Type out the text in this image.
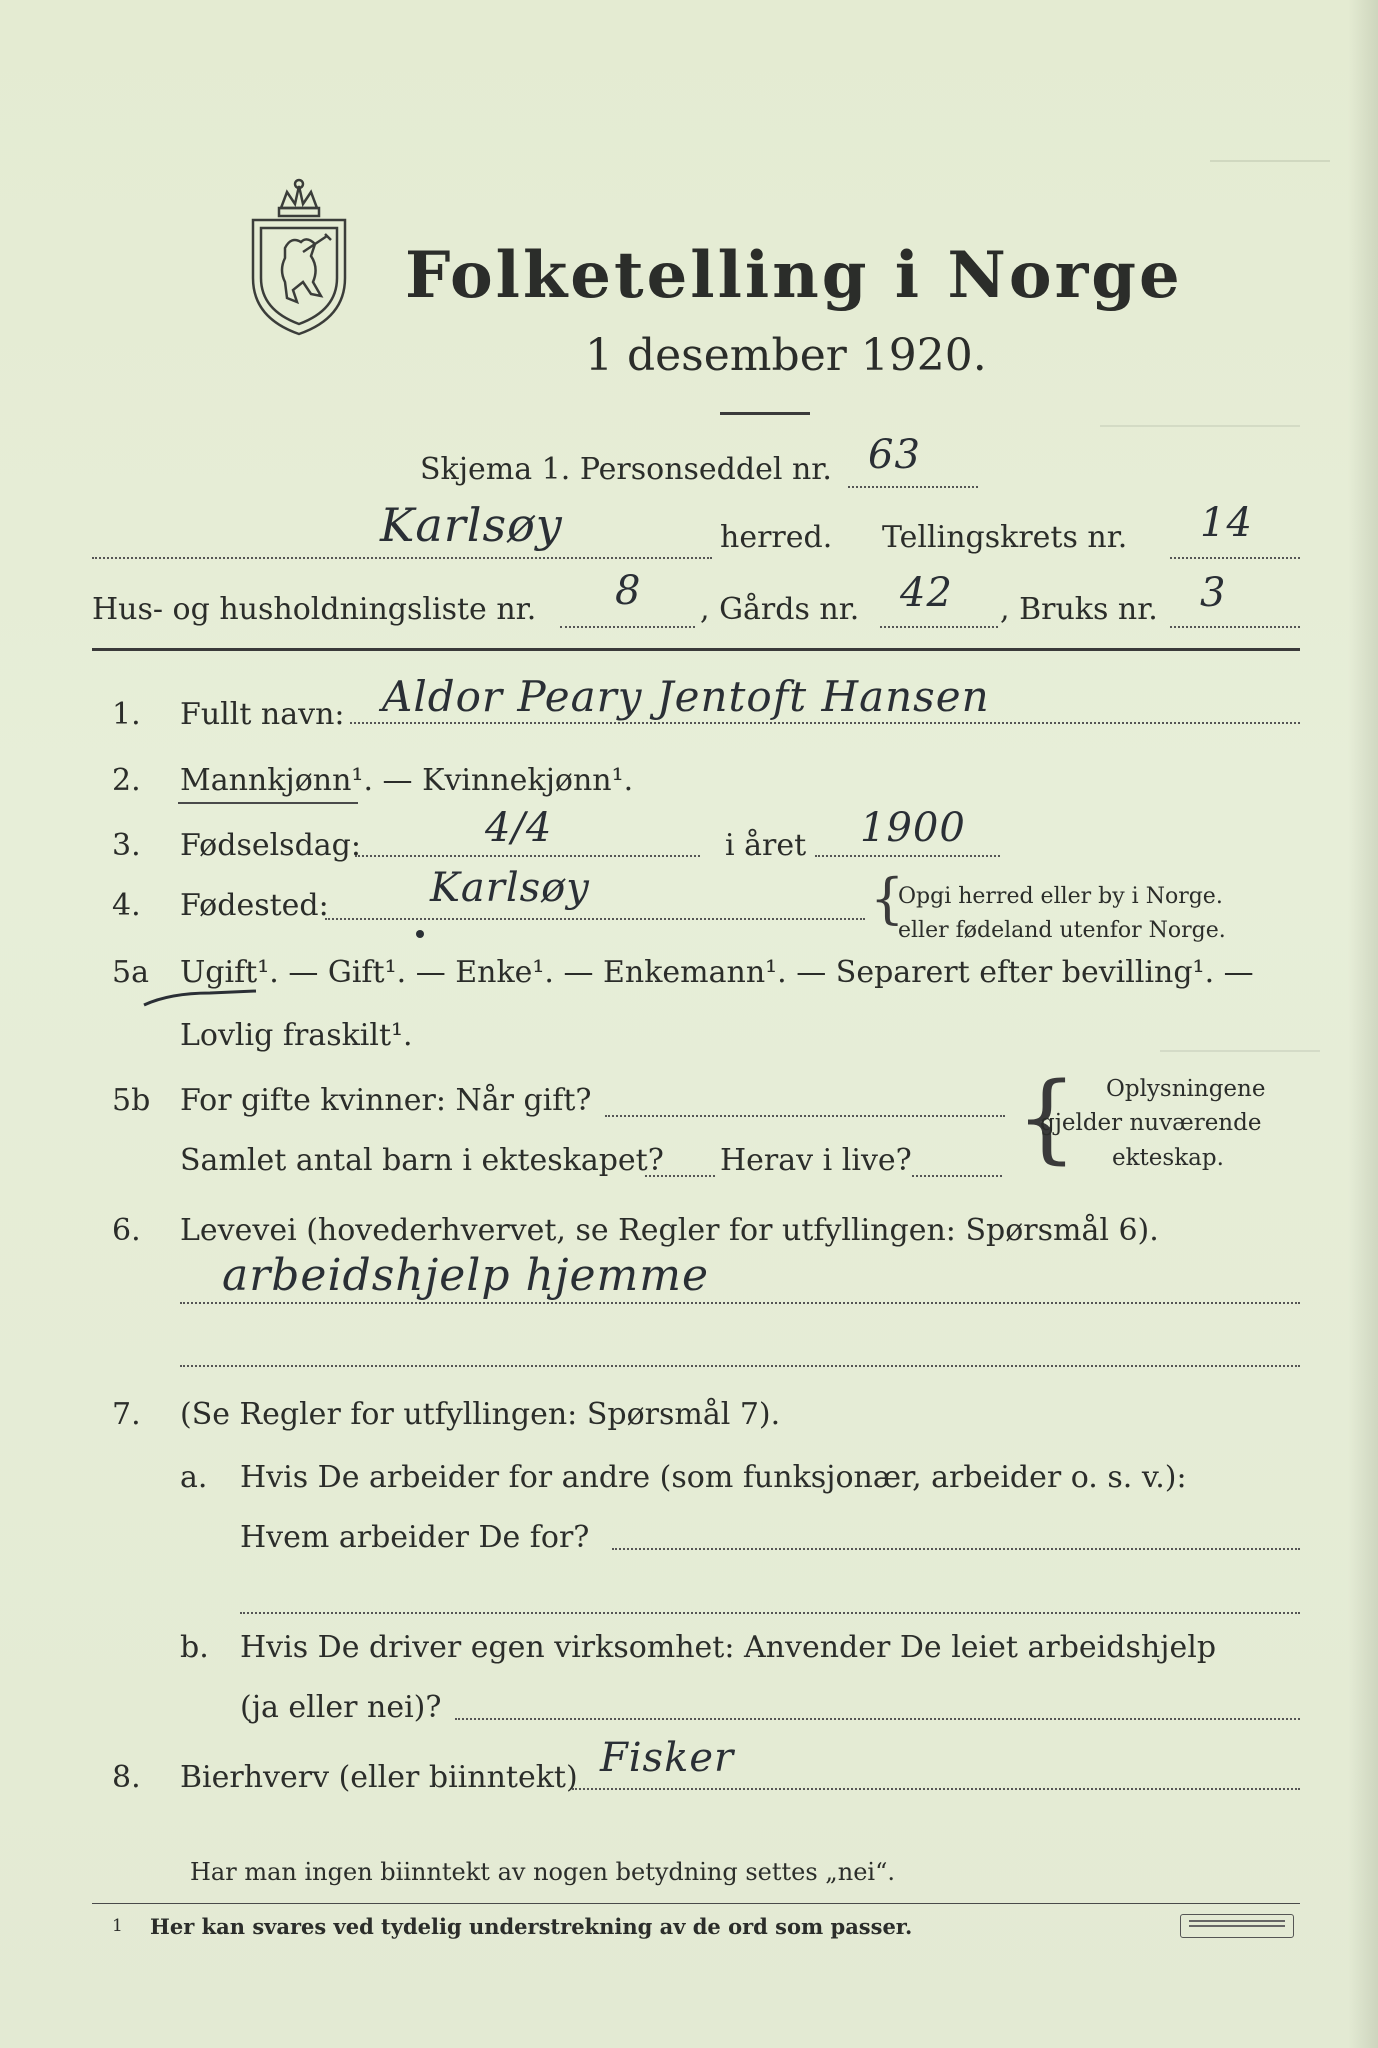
Folketelling i Norge
1 desember 1920.
Skjema 1. Personseddel nr. 63
Karlsøy	herred. Tellingskrets nr. 14
Hus- og husholdningsliste nr. 8 , Gårds nr. 42 , Bruks nr. 3
1. Fullt navn: Aldor Peary Jentoft Hansen
2. Mannkjønn¹. — Kvinnekjønn¹.
3. Fødselsdag:	4/4	i året 1900
4. Fødested:	Karlsøy	{
Opgi herred eller by i Norge.
eller fødeland utenfor Norge.
5a Ugift¹. — Gift¹. — Enke¹. — Enkemann¹. — Separert efter bevilling¹. —
Lovlig fraskilt¹.
5b For gifte kvinner: Når gift?
Samlet antal barn i ekteskapet? Herav i live? { Oplysningene
gjelder nuværende
ekteskap.
6. Levevei (hovederhvervet, se Regler for utfyllingen: Spørsmål 6).
arbeidshjelp hjemme
7. (Se Regler for utfyllingen: Spørsmål 7).
a. Hvis De arbeider for andre (som funksjonær, arbeider o. s. v.):
Hvem arbeider De for?
b. Hvis De driver egen virksomhet: Anvender De leiet arbeidshjelp
(ja eller nei)?
8. Bierhverv (eller biinntekt) Fisker
Har man ingen biinntekt av nogen betydning settes „nei“.
1 Her kan svares ved tydelig understrekning av de ord som passer.
